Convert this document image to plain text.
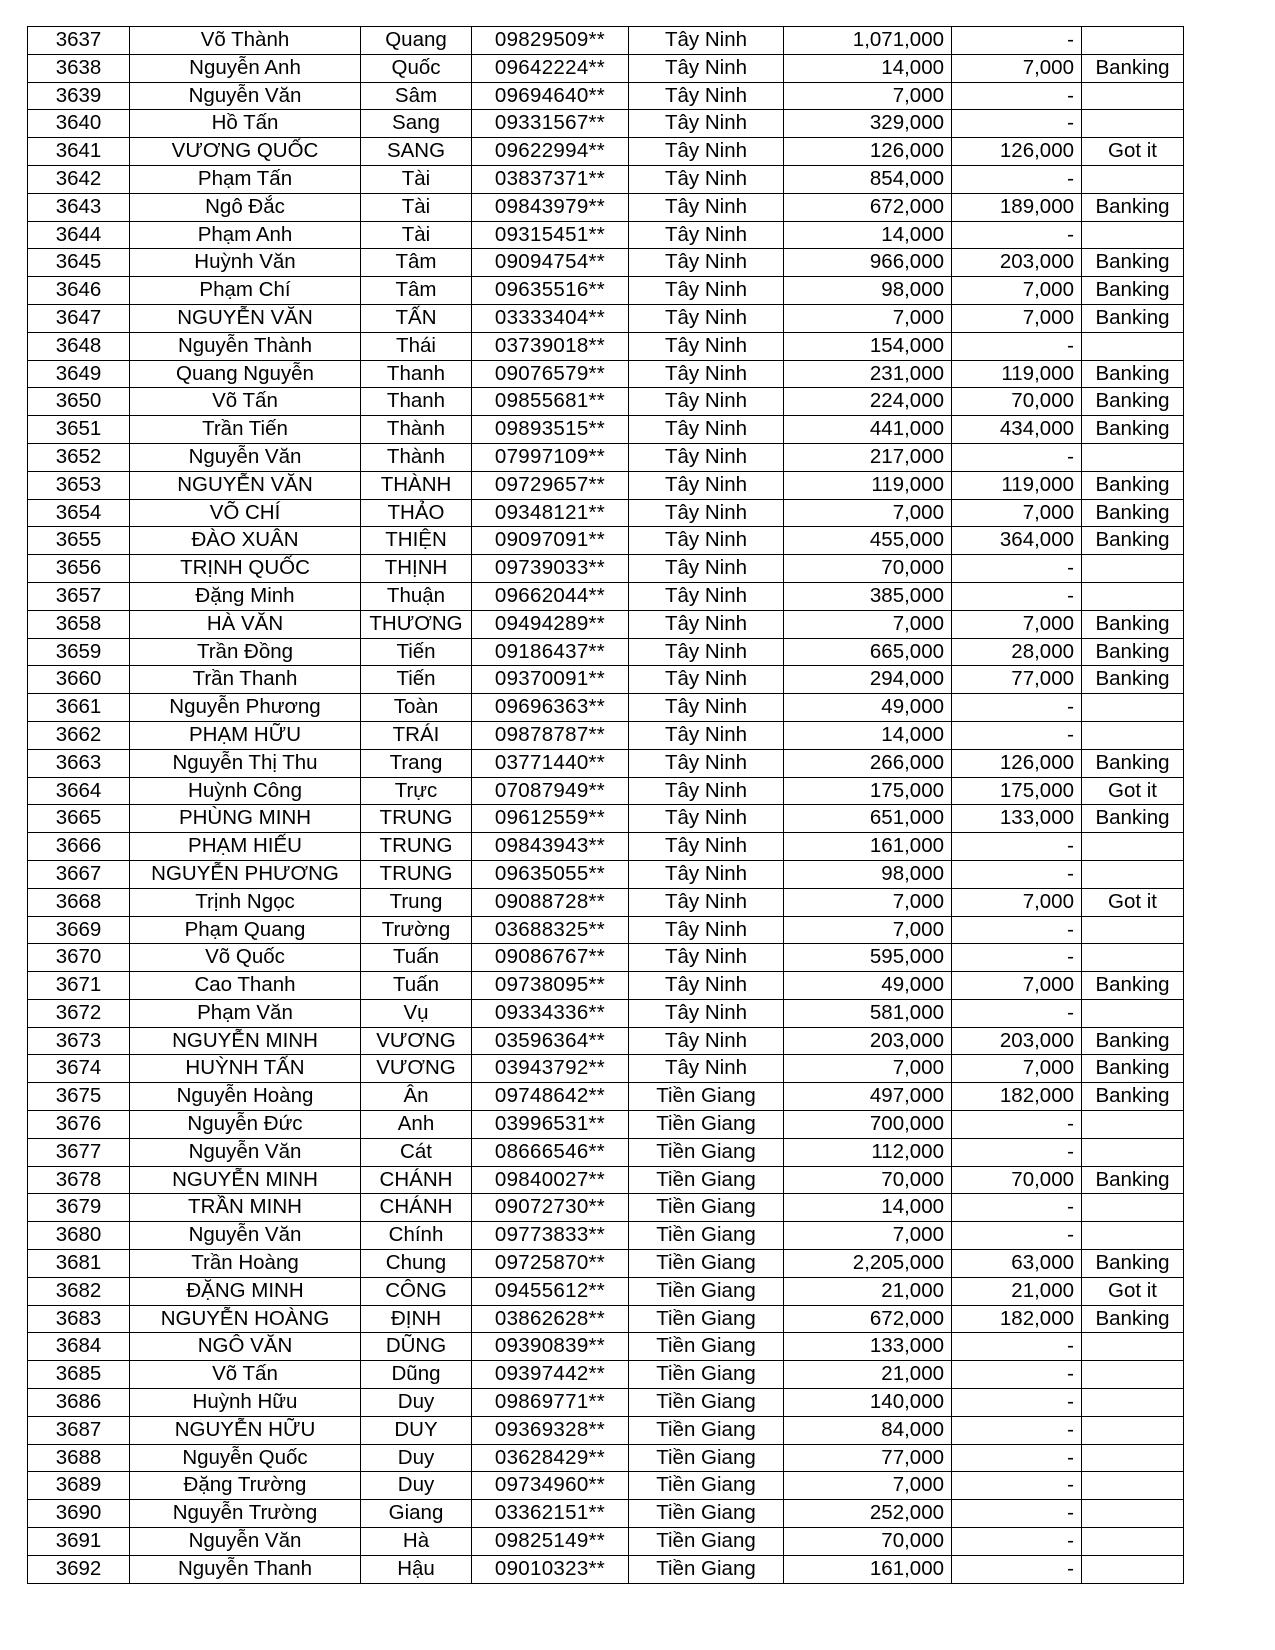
3637	Võ Thành	Quang	09829509**	Tây Ninh	1,071,000	-	
3638	Nguyễn Anh	Quốc	09642224**	Tây Ninh	14,000	7,000	Banking
3639	Nguyễn Văn	Sâm	09694640**	Tây Ninh	7,000	-	
3640	Hồ Tấn	Sang	09331567**	Tây Ninh	329,000	-	
3641	VƯƠNG QUỐC	SANG	09622994**	Tây Ninh	126,000	126,000	Got it
3642	Phạm Tấn	Tài	03837371**	Tây Ninh	854,000	-	
3643	Ngô Đắc	Tài	09843979**	Tây Ninh	672,000	189,000	Banking
3644	Phạm Anh	Tài	09315451**	Tây Ninh	14,000	-	
3645	Huỳnh Văn	Tâm	09094754**	Tây Ninh	966,000	203,000	Banking
3646	Phạm Chí	Tâm	09635516**	Tây Ninh	98,000	7,000	Banking
3647	NGUYỄN VĂN	TẤN	03333404**	Tây Ninh	7,000	7,000	Banking
3648	Nguyễn Thành	Thái	03739018**	Tây Ninh	154,000	-	
3649	Quang Nguyễn	Thanh	09076579**	Tây Ninh	231,000	119,000	Banking
3650	Võ Tấn	Thanh	09855681**	Tây Ninh	224,000	70,000	Banking
3651	Trần Tiến	Thành	09893515**	Tây Ninh	441,000	434,000	Banking
3652	Nguyễn Văn	Thành	07997109**	Tây Ninh	217,000	-	
3653	NGUYỄN VĂN	THÀNH	09729657**	Tây Ninh	119,000	119,000	Banking
3654	VÕ CHÍ	THẢO	09348121**	Tây Ninh	7,000	7,000	Banking
3655	ĐÀO XUÂN	THIỆN	09097091**	Tây Ninh	455,000	364,000	Banking
3656	TRỊNH QUỐC	THỊNH	09739033**	Tây Ninh	70,000	-	
3657	Đặng Minh	Thuận	09662044**	Tây Ninh	385,000	-	
3658	HÀ VĂN	THƯƠNG	09494289**	Tây Ninh	7,000	7,000	Banking
3659	Trần Đồng	Tiến	09186437**	Tây Ninh	665,000	28,000	Banking
3660	Trần Thanh	Tiến	09370091**	Tây Ninh	294,000	77,000	Banking
3661	Nguyễn Phương	Toàn	09696363**	Tây Ninh	49,000	-	
3662	PHẠM HỮU	TRÁI	09878787**	Tây Ninh	14,000	-	
3663	Nguyễn Thị Thu	Trang	03771440**	Tây Ninh	266,000	126,000	Banking
3664	Huỳnh Công	Trực	07087949**	Tây Ninh	175,000	175,000	Got it
3665	PHÙNG MINH	TRUNG	09612559**	Tây Ninh	651,000	133,000	Banking
3666	PHẠM HIẾU	TRUNG	09843943**	Tây Ninh	161,000	-	
3667	NGUYỄN PHƯƠNG	TRUNG	09635055**	Tây Ninh	98,000	-	
3668	Trịnh Ngọc	Trung	09088728**	Tây Ninh	7,000	7,000	Got it
3669	Phạm Quang	Trường	03688325**	Tây Ninh	7,000	-	
3670	Võ Quốc	Tuấn	09086767**	Tây Ninh	595,000	-	
3671	Cao Thanh	Tuấn	09738095**	Tây Ninh	49,000	7,000	Banking
3672	Phạm Văn	Vụ	09334336**	Tây Ninh	581,000	-	
3673	NGUYỄN MINH	VƯƠNG	03596364**	Tây Ninh	203,000	203,000	Banking
3674	HUỲNH TẤN	VƯƠNG	03943792**	Tây Ninh	7,000	7,000	Banking
3675	Nguyễn Hoàng	Ân	09748642**	Tiền Giang	497,000	182,000	Banking
3676	Nguyễn Đức	Anh	03996531**	Tiền Giang	700,000	-	
3677	Nguyễn Văn	Cát	08666546**	Tiền Giang	112,000	-	
3678	NGUYỄN MINH	CHÁNH	09840027**	Tiền Giang	70,000	70,000	Banking
3679	TRẦN MINH	CHÁNH	09072730**	Tiền Giang	14,000	-	
3680	Nguyễn Văn	Chính	09773833**	Tiền Giang	7,000	-	
3681	Trần Hoàng	Chung	09725870**	Tiền Giang	2,205,000	63,000	Banking
3682	ĐẶNG MINH	CÔNG	09455612**	Tiền Giang	21,000	21,000	Got it
3683	NGUYỄN HOÀNG	ĐỊNH	03862628**	Tiền Giang	672,000	182,000	Banking
3684	NGÔ VĂN	DŨNG	09390839**	Tiền Giang	133,000	-	
3685	Võ Tấn	Dũng	09397442**	Tiền Giang	21,000	-	
3686	Huỳnh Hữu	Duy	09869771**	Tiền Giang	140,000	-	
3687	NGUYỄN HỮU	DUY	09369328**	Tiền Giang	84,000	-	
3688	Nguyễn Quốc	Duy	03628429**	Tiền Giang	77,000	-	
3689	Đặng Trường	Duy	09734960**	Tiền Giang	7,000	-	
3690	Nguyễn Trường	Giang	03362151**	Tiền Giang	252,000	-	
3691	Nguyễn Văn	Hà	09825149**	Tiền Giang	70,000	-	
3692	Nguyễn Thanh	Hậu	09010323**	Tiền Giang	161,000	-	
